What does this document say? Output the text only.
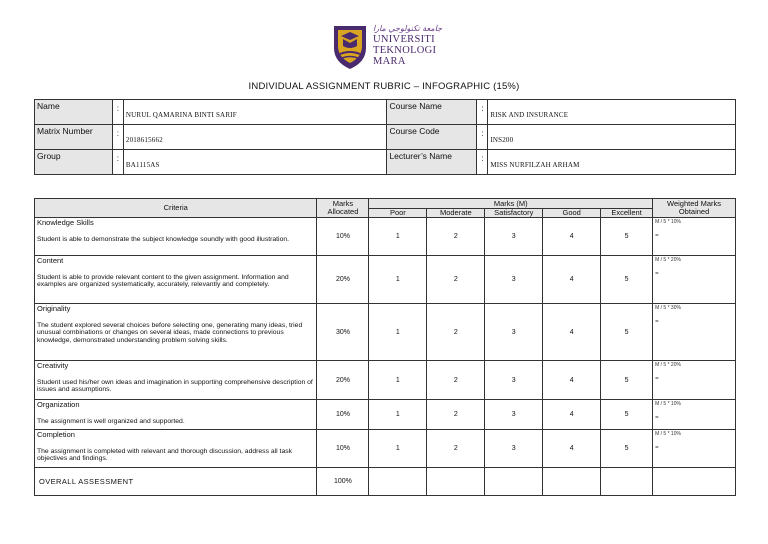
جامعة تكنولوجي مارا
UNIVERSITI
TEKNOLOGI
MARA
INDIVIDUAL ASSIGNMENT RUBRIC – INFOGRAPHIC (15%)
Name	:	NURUL QAMARINA BINTI SARIF	Course Name	:	RISK AND INSURANCE
Matrix Number	:	2018615662	Course Code	:	INS200
Group	:	BA1115AS	Lecturer’s Name	:	MISS NURFILZAH ARHAM
Criteria	Marks Allocated	Marks (M)					Weighted Marks Obtained
		Poor	Moderate	Satisfactory	Good	Excellent	

Knowledge Skills
Student is able to demonstrate the subject knowledge soundly with good illustration.	10%	1	2	3	4	5	M / 5 * 10%
=

Content
Student is able to provide relevant content to the given assignment. Information and examples are organized systematically, accurately, relevantly and completely.	20%	1	2	3	4	5	M / 5 * 20%
=

Originality
The student explored several choices before selecting one, generating many ideas, tried unusual combinations or changes on several ideas, made connections to previous knowledge, demonstrated understanding problem solving skills.	30%	1	2	3	4	5	M / 5 * 30%
=

Creativity
Student used his/her own ideas and imagination in supporting comprehensive description of issues and assumptions.	20%	1	2	3	4	5	M / 5 * 20%
=

Organization
The assignment is well organized and supported.	10%	1	2	3	4	5	M / 5 * 10%
=

Completion
The assignment is completed with relevant and thorough discussion, address all task objectives and findings.	10%	1	2	3	4	5	M / 5 * 10%
=

OVERALL ASSESSMENT	100%						
